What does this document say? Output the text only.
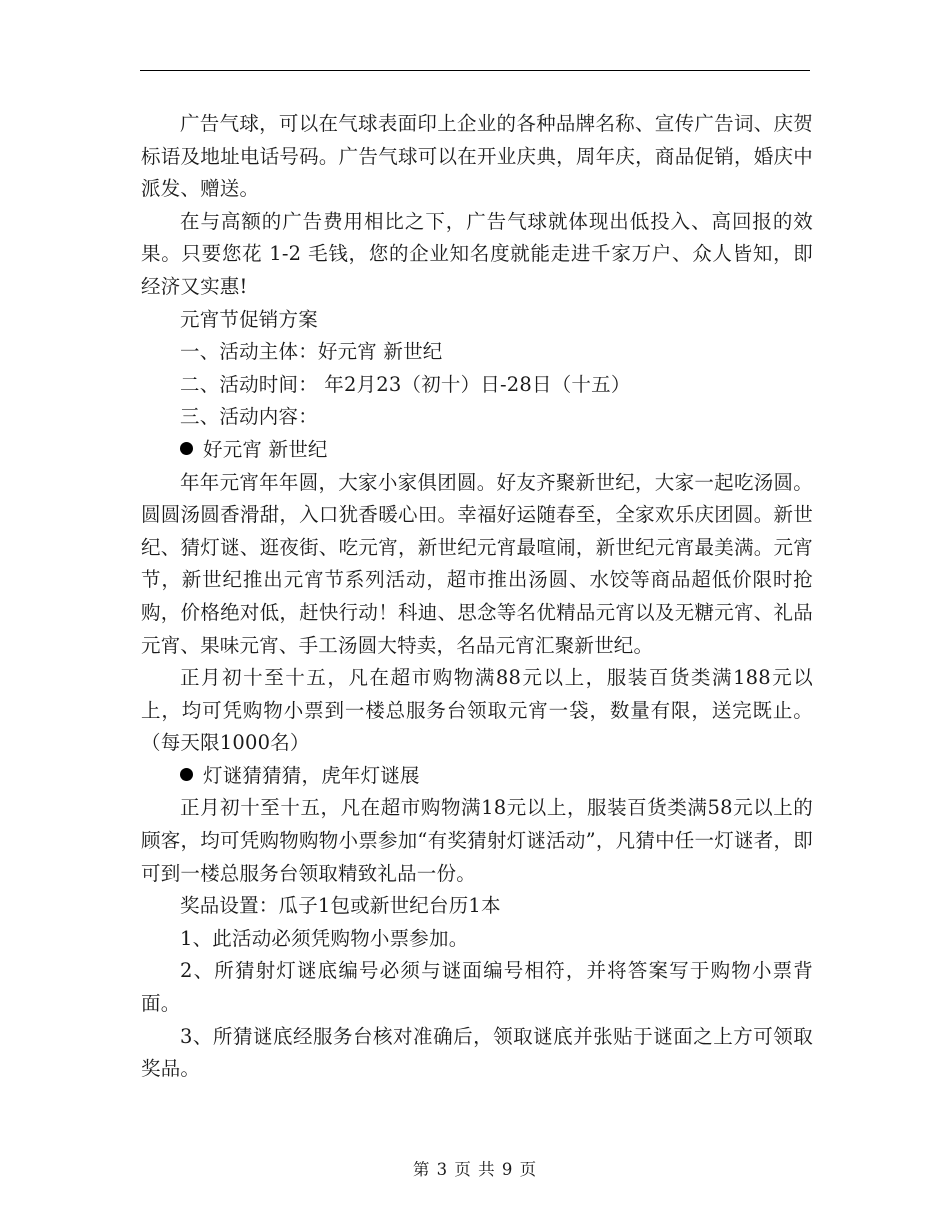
广告气球，可以在气球表面印上企业的各种品牌名称、宣传广告词、庆贺标语及地址电话号码。广告气球可以在开业庆典，周年庆，商品促销，婚庆中派发、赠送。

在与高额的广告费用相比之下，广告气球就体现出低投入、高回报的效果。只要您花 1-2 毛钱，您的企业知名度就能走进千家万户、众人皆知，即经济又实惠!

元宵节促销方案

一、活动主体：好元宵 新世纪

二、活动时间： 年2月23（初十）日-28日（十五）

三、活动内容：

好元宵 新世纪

年年元宵年年圆，大家小家俱团圆。好友齐聚新世纪，大家一起吃汤圆。圆圆汤圆香滑甜，入口犹香暖心田。幸福好运随春至，全家欢乐庆团圆。新世纪、猜灯谜、逛夜街、吃元宵，新世纪元宵最喧闹，新世纪元宵最美满。元宵节，新世纪推出元宵节系列活动，超市推出汤圆、水饺等商品超低价限时抢购，价格绝对低，赶快行动！科迪、思念等名优精品元宵以及无糖元宵、礼品元宵、果味元宵、手工汤圆大特卖，名品元宵汇聚新世纪。

正月初十至十五，凡在超市购物满88元以上，服装百货类满188元以上，均可凭购物小票到一楼总服务台领取元宵一袋，数量有限，送完既止。（每天限1000名）

灯谜猜猜猜，虎年灯谜展

正月初十至十五，凡在超市购物满18元以上，服装百货类满58元以上的顾客，均可凭购物购物小票参加“有奖猜射灯谜活动”，凡猜中任一灯谜者，即可到一楼总服务台领取精致礼品一份。

奖品设置：瓜子1包或新世纪台历1本

1、此活动必须凭购物小票参加。

2、所猜射灯谜底编号必须与谜面编号相符，并将答案写于购物小票背面。

3、所猜谜底经服务台核对准确后，领取谜底并张贴于谜面之上方可领取奖品。

第 3 页 共 9 页
